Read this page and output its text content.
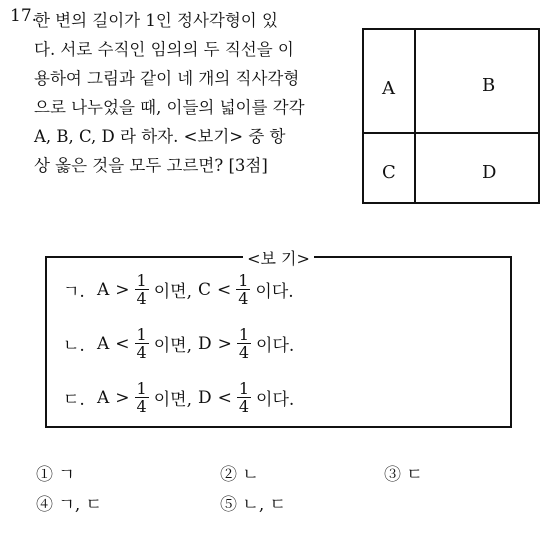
17.
한 변의 길이가 1인 정사각형이 있
다. 서로 수직인 임의의 두 직선을 이
용하여 그림과 같이 네 개의 직사각형
으로 나누었을 때, 이들의 넓이를 각각
A, B, C, D 라 하자. <보기> 중 항
상 옳은 것을 모두 고르면? [3점]
A	B
C	D
<보 기>
ㄱ. $A > \frac{1}{4}$ 이면, $C < \frac{1}{4}$ 이다.
ㄴ. $A < \frac{1}{4}$ 이면, $D > \frac{1}{4}$ 이다.
ㄷ. $A > \frac{1}{4}$ 이면, $D < \frac{1}{4}$ 이다.
① ㄱ	② ㄴ	③ ㄷ
④ ㄱ, ㄷ	⑤ ㄴ, ㄷ
